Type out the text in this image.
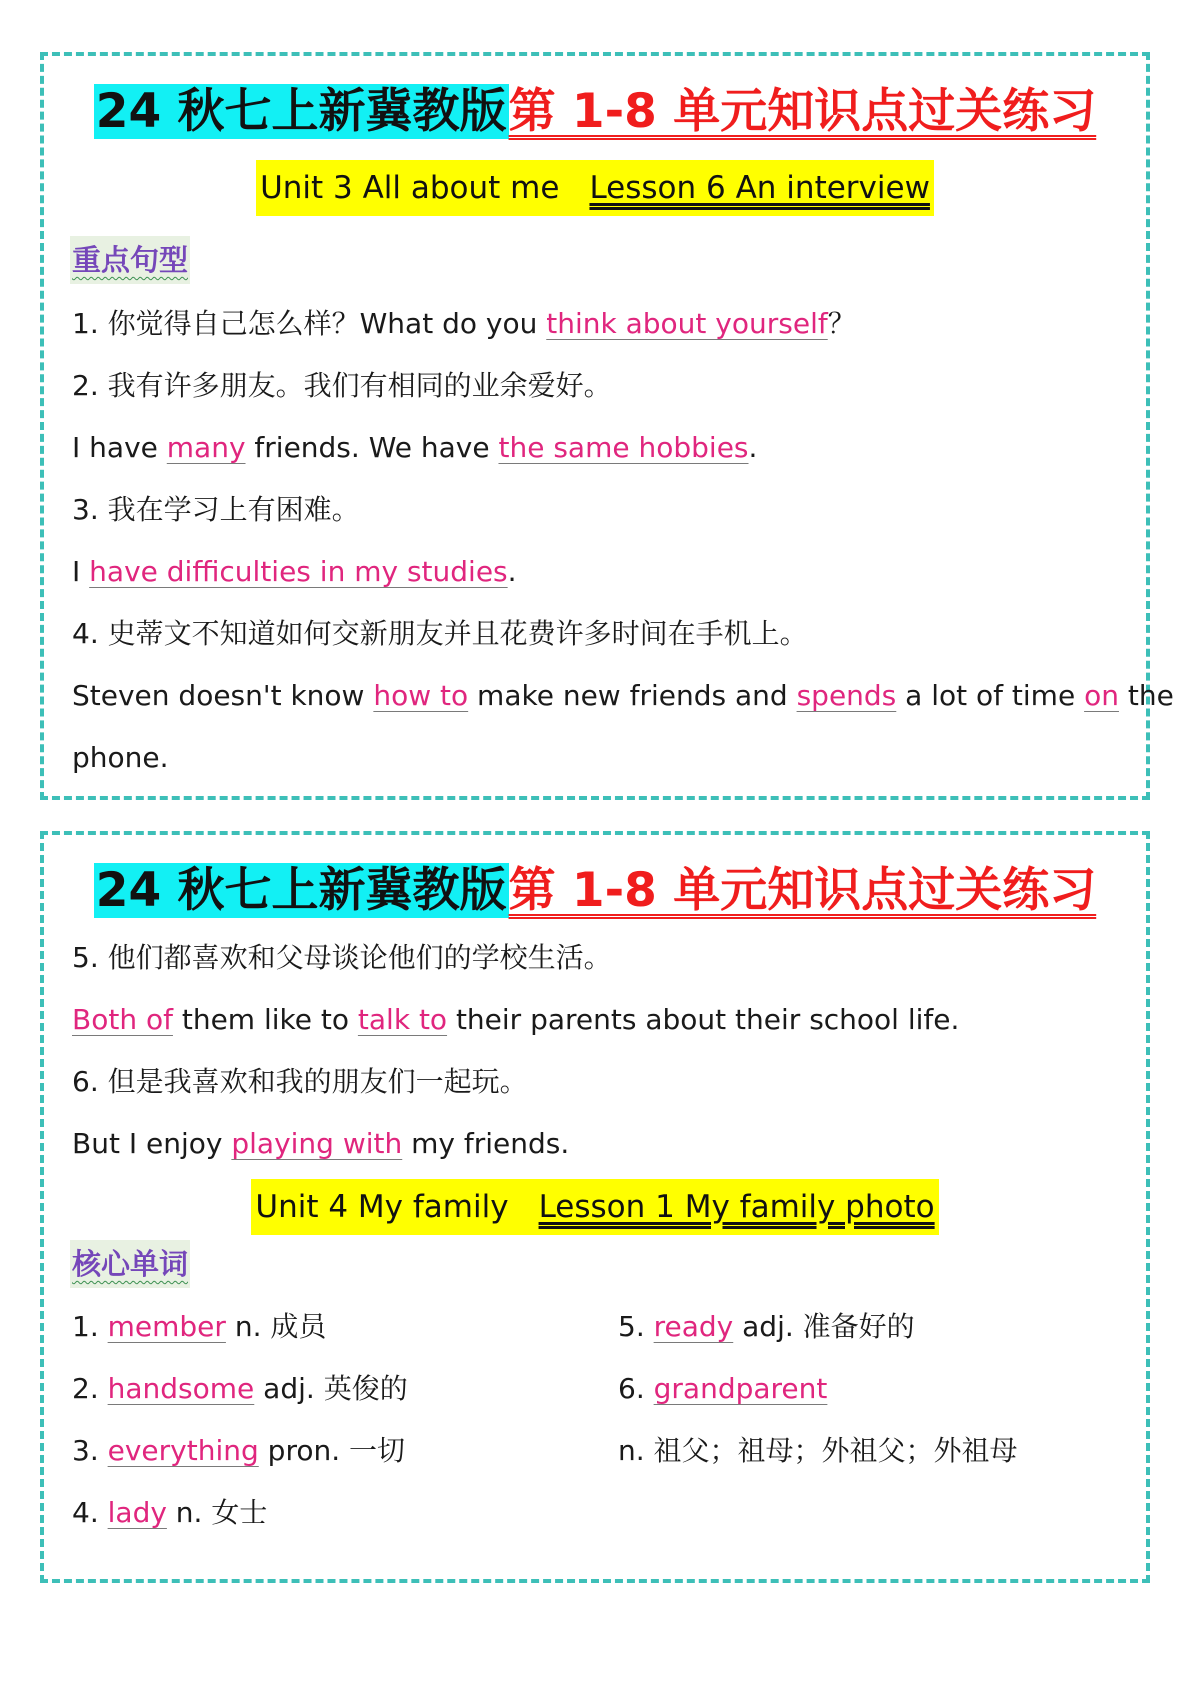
24 秋七上新冀教版第 1-8 单元知识点过关练习
Unit 3 All about me Lesson 6 An interview
重点句型
1. 你觉得自己怎么样？What do you think about yourself？
2. 我有许多朋友。我们有相同的业余爱好。
I have many friends. We have the same hobbies.
3. 我在学习上有困难。
I have difficulties in my studies.
4. 史蒂文不知道如何交新朋友并且花费许多时间在手机上。
Steven doesn't know how to make new friends and spends a lot of time on the
phone.
24 秋七上新冀教版第 1-8 单元知识点过关练习
5. 他们都喜欢和父母谈论他们的学校生活。
Both of them like to talk to their parents about their school life.
6. 但是我喜欢和我的朋友们一起玩。
But I enjoy playing with my friends.
Unit 4 My family Lesson 1 My family photo
核心单词
1. member n. 成员
2. handsome adj. 英俊的
3. everything pron. 一切
4. lady n. 女士
5. ready adj. 准备好的
6. grandparent
n. 祖父；祖母；外祖父；外祖母
